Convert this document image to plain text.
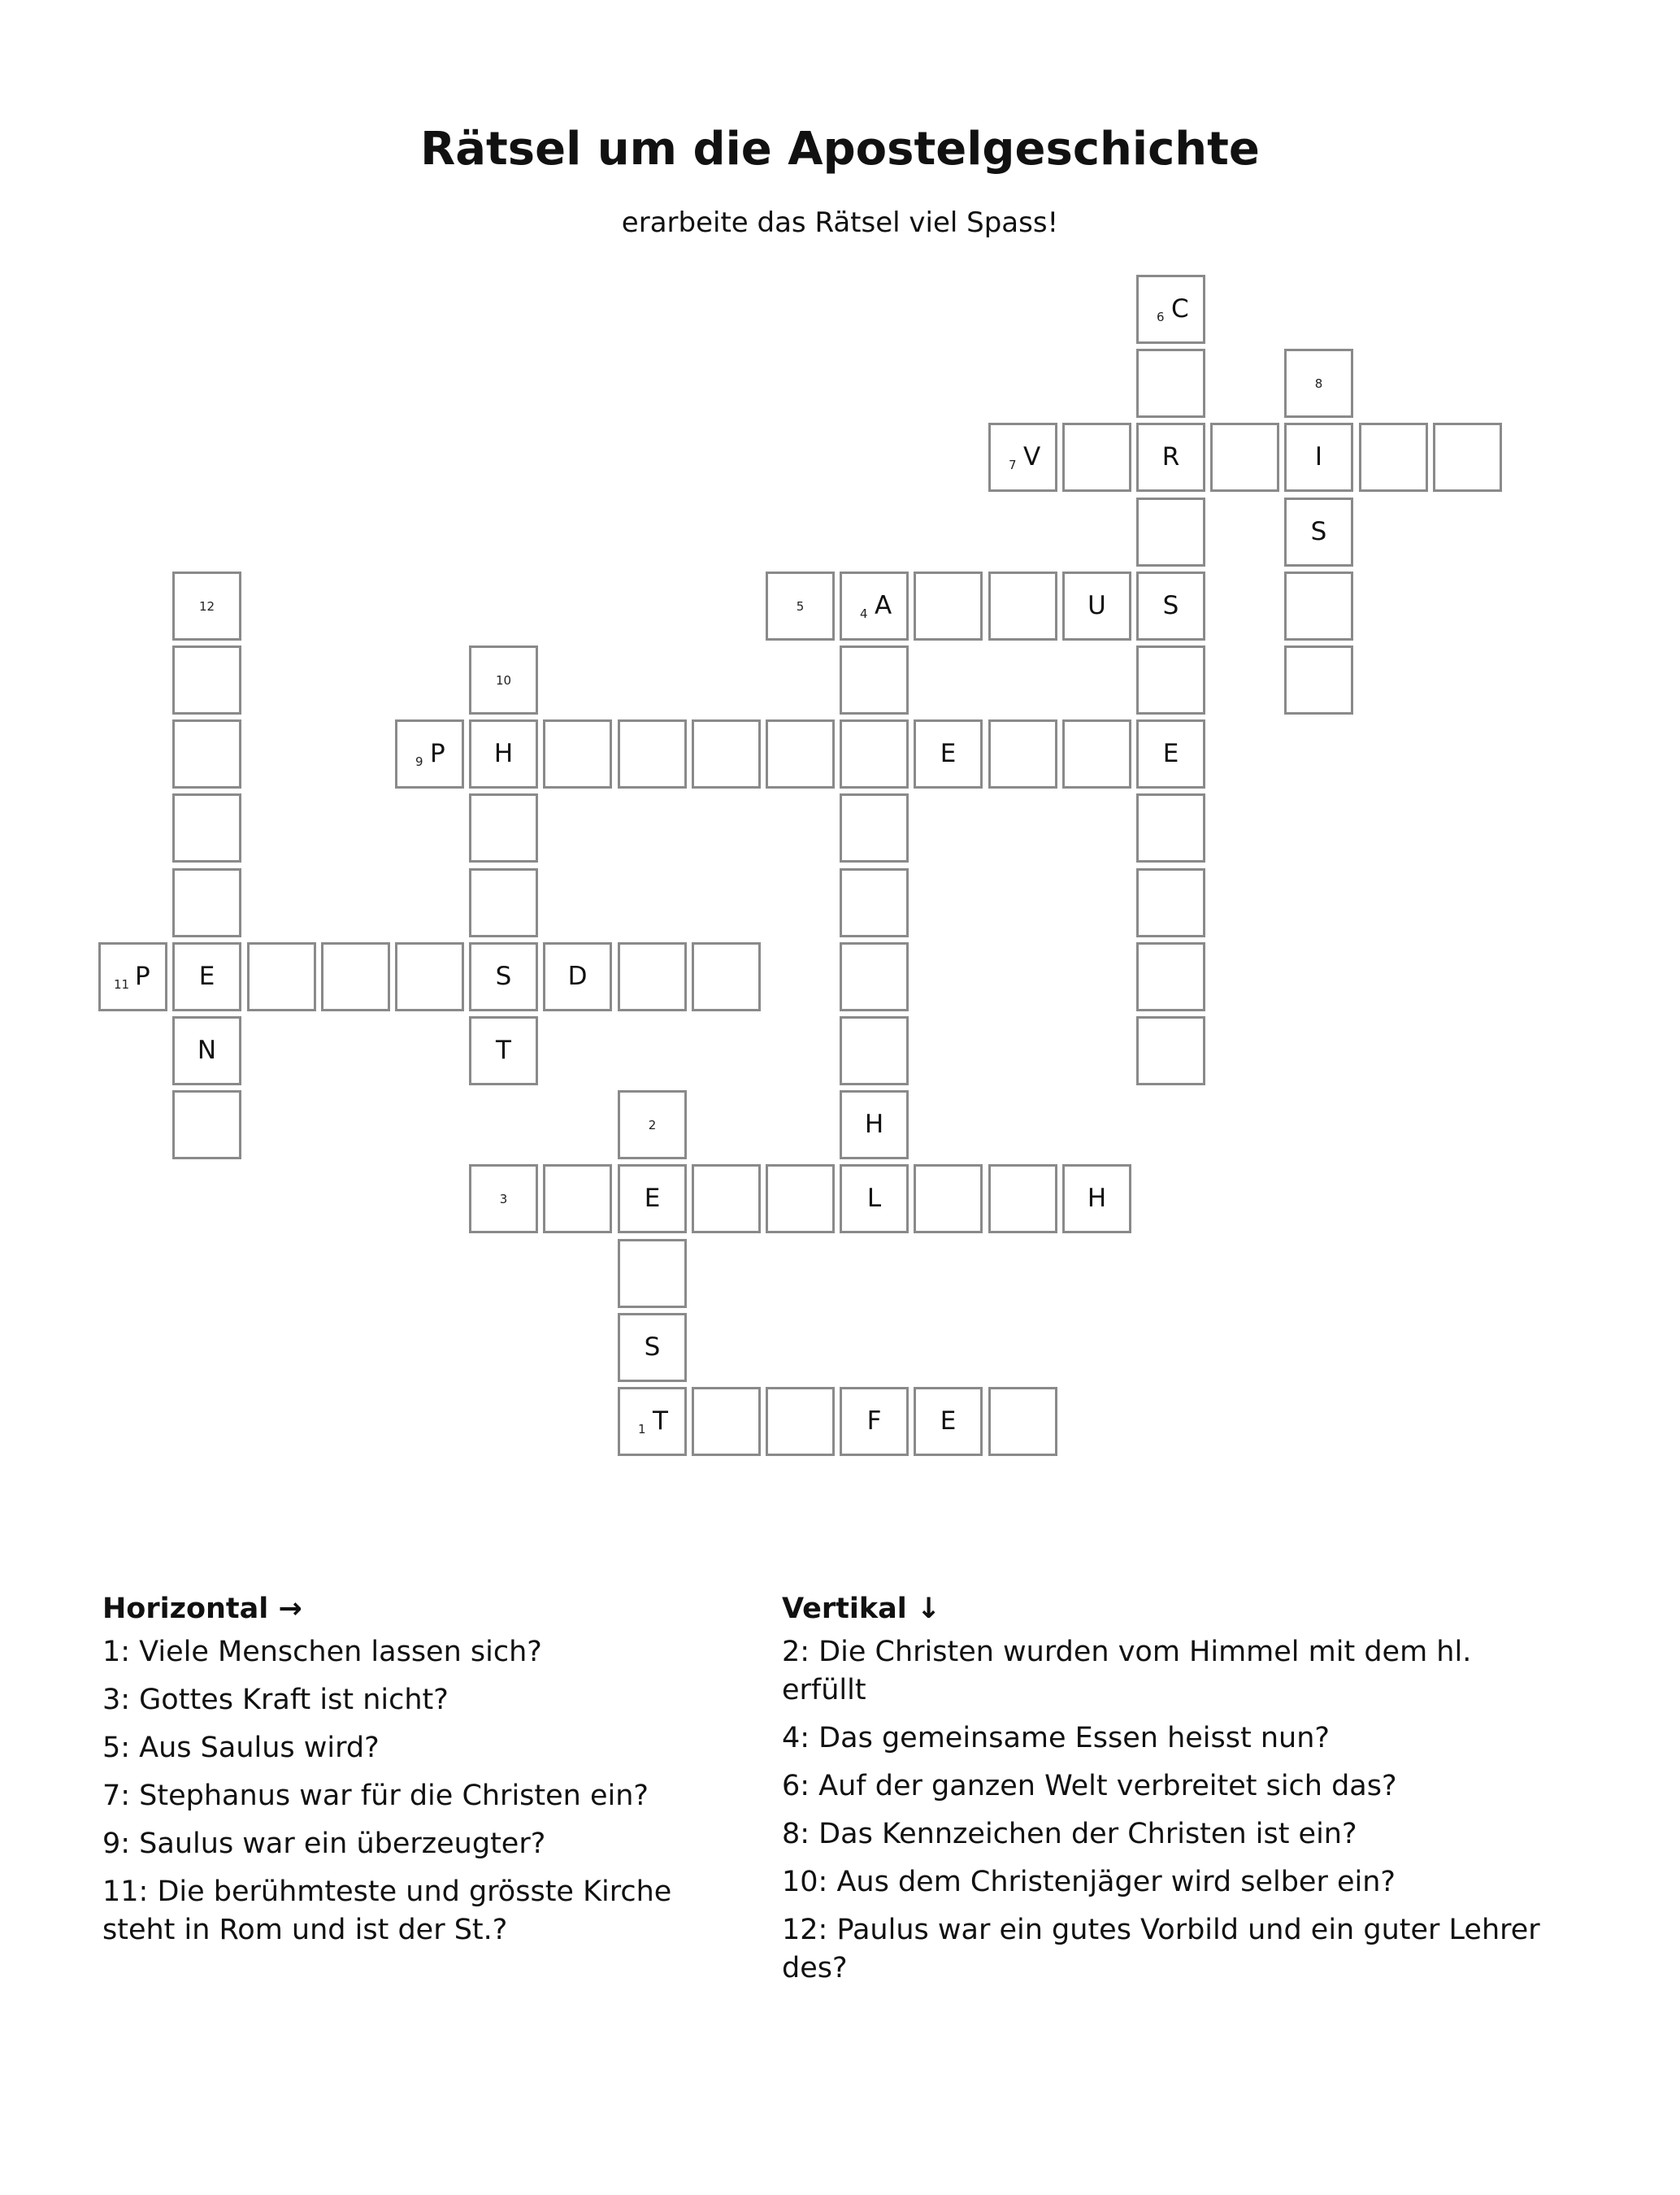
Rätsel um die Apostelgeschichte
erarbeite das Rätsel viel Spass!
6 C
8
7 V	R	I
S
12	5	4 A	U	S
10
9 P	H	E	E
11 P	E	S	D
N	T
2	H
3	E	L	H
S
1 T	F	E
Horizontal →
1: Viele Menschen lassen sich?
3: Gottes Kraft ist nicht?
5: Aus Saulus wird?
7: Stephanus war für die Christen ein?
9: Saulus war ein überzeugter?
11: Die berühmteste und grösste Kirche steht in Rom und ist der St.?
Vertikal ↓
2: Die Christen wurden vom Himmel mit dem hl. erfüllt
4: Das gemeinsame Essen heisst nun?
6: Auf der ganzen Welt verbreitet sich das?
8: Das Kennzeichen der Christen ist ein?
10: Aus dem Christenjäger wird selber ein?
12: Paulus war ein gutes Vorbild und ein guter Lehrer des?
